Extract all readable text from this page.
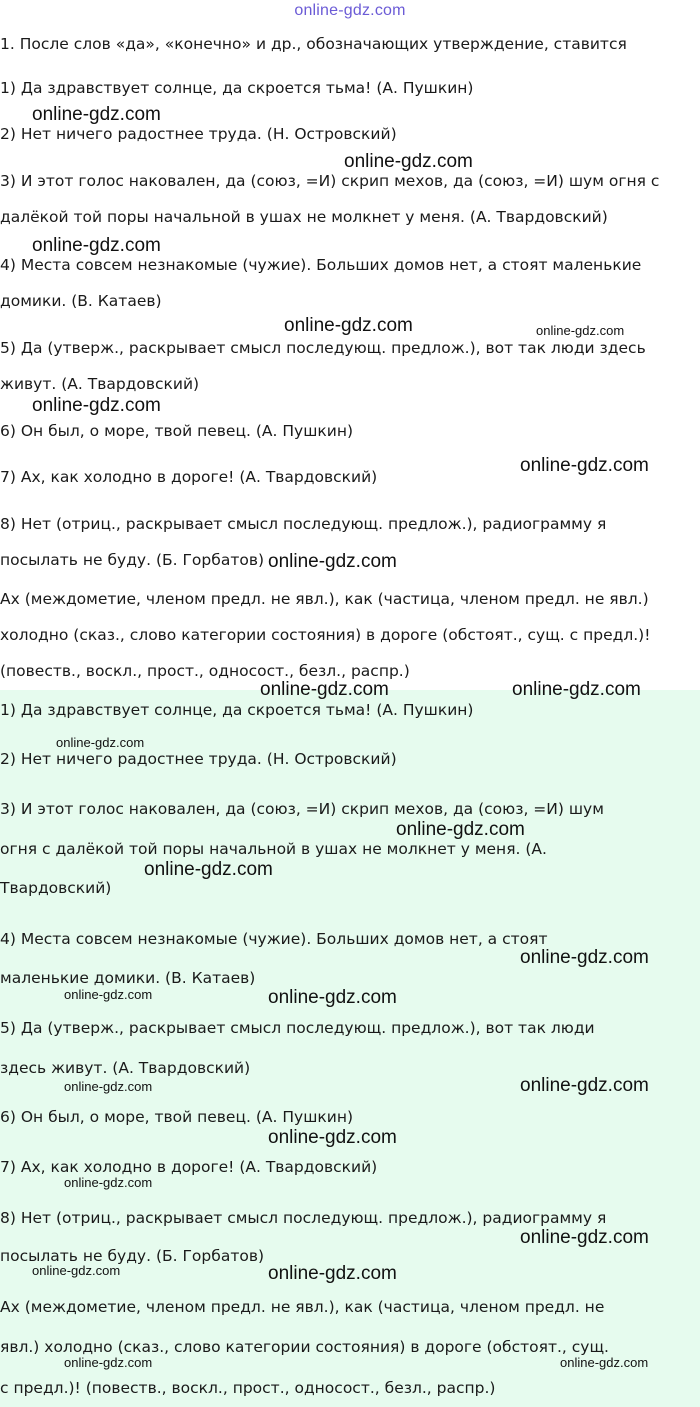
online-gdz.com
1. После слов «да», «конечно» и др., обозначающих утверждение, ставится
1) Да здравствует солнце, да скроется тьма! (А. Пушкин)
2) Нет ничего радостнее труда. (Н. Островский)
3) И этот голос наковален, да (союз, =И) скрип мехов, да (союз, =И) шум огня с
далёкой той поры начальной в ушах не молкнет у меня. (А. Твардовский)
4) Места совсем незнакомые (чужие). Больших домов нет, а стоят маленькие
домики. (В. Катаев)
5) Да (утверж., раскрывает смысл последующ. предлож.), вот так люди здесь
живут. (А. Твардовский)
6) Он был, о море, твой певец. (А. Пушкин)
7) Ах, как холодно в дороге! (А. Твардовский)
8) Нет (отриц., раскрывает смысл последующ. предлож.), радиограмму я
посылать не буду. (Б. Горбатов)
Ах (междометие, членом предл. не явл.), как (частица, членом предл. не явл.)
холодно (сказ., слово категории состояния) в дороге (обстоят., сущ. с предл.)!
(повеств., воскл., прост., односост., безл., распр.)
1) Да здравствует солнце, да скроется тьма! (А. Пушкин)
2) Нет ничего радостнее труда. (Н. Островский)
3) И этот голос наковален, да (союз, =И) скрип мехов, да (союз, =И) шум
огня с далёкой той поры начальной в ушах не молкнет у меня. (А.
Твардовский)
4) Места совсем незнакомые (чужие). Больших домов нет, а стоят
маленькие домики. (В. Катаев)
5) Да (утверж., раскрывает смысл последующ. предлож.), вот так люди
здесь живут. (А. Твардовский)
6) Он был, о море, твой певец. (А. Пушкин)
7) Ах, как холодно в дороге! (А. Твардовский)
8) Нет (отриц., раскрывает смысл последующ. предлож.), радиограмму я
посылать не буду. (Б. Горбатов)
Ах (междометие, членом предл. не явл.), как (частица, членом предл. не
явл.) холодно (сказ., слово категории состояния) в дороге (обстоят., сущ.
с предл.)! (повеств., воскл., прост., односост., безл., распр.)
online-gdz.com
online-gdz.com
online-gdz.com
online-gdz.com	online-gdz.com
online-gdz.com
online-gdz.com
online-gdz.com
online-gdz.com	online-gdz.com
online-gdz.com
online-gdz.com
online-gdz.com
online-gdz.com
online-gdz.com	online-gdz.com
online-gdz.com
online-gdz.com
online-gdz.com
online-gdz.com
online-gdz.com
online-gdz.com	online-gdz.com
online-gdz.com	online-gdz.com
